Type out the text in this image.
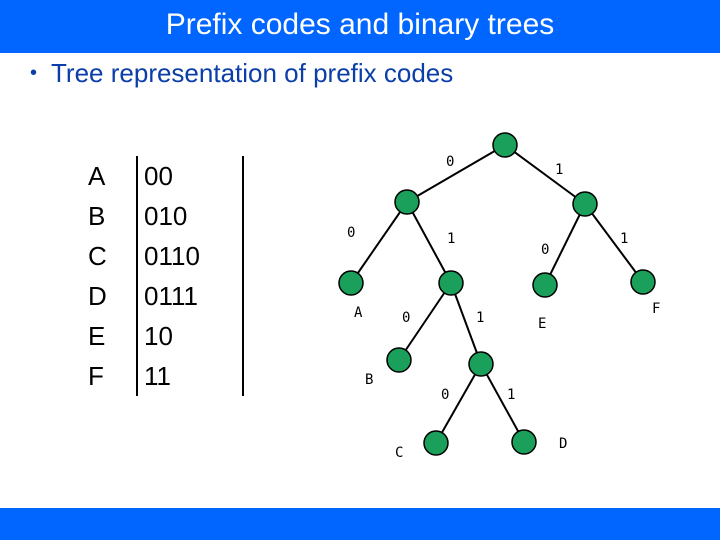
Prefix codes and binary trees
• Tree representation of prefix codes
A	00
B	010
C	0110
D	0111
E	10
F	11
0	1
0	1
0
1
0	1
0	1
A
B
C
D
E
F
